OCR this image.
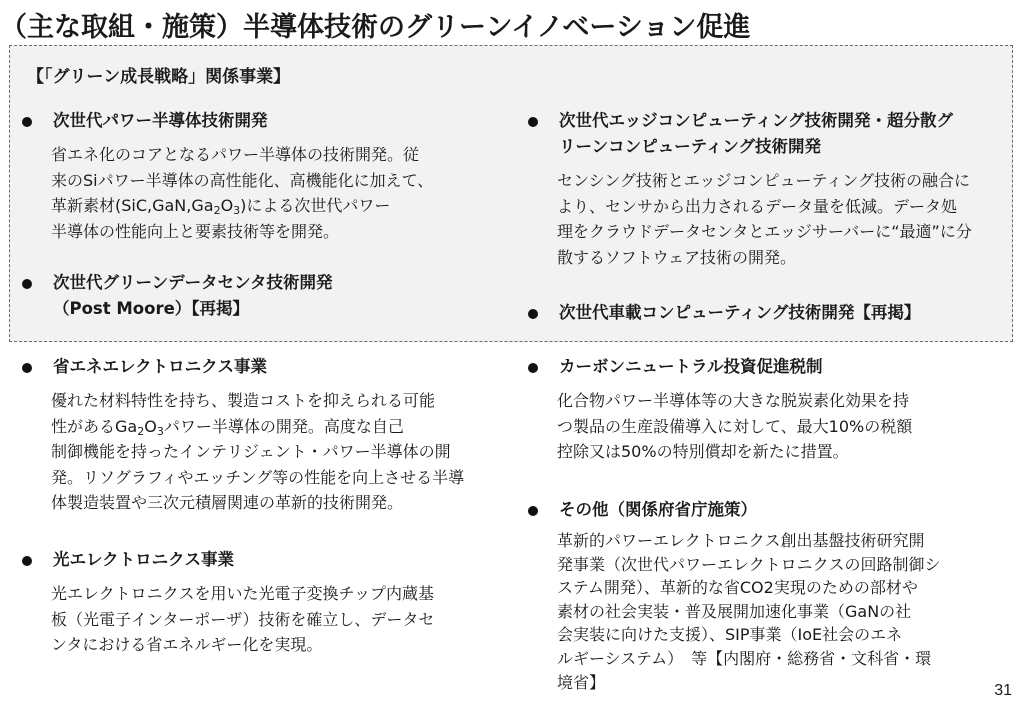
（主な取組・施策）半導体技術のグリーンイノベーション促進
【「グリーン成長戦略」関係事業】
次世代パワー半導体技術開発
省エネ化のコアとなるパワー半導体の技術開発。従
来のSiパワー半導体の高性能化、高機能化に加えて、
革新素材$(SiC,GaN,Ga_2O_3)$による次世代パワー
半導体の性能向上と要素技術等を開発。
次世代グリーンデータセンタ技術開発
（Post Moore）【再掲】
次世代エッジコンピューティング技術開発・超分散グ
リーンコンピューティング技術開発
センシング技術とエッジコンピューティング技術の融合に
より、センサから出力されるデータ量を低減。データ処
理をクラウドデータセンタとエッジサーバーに“最適”に分
散するソフトウェア技術の開発。
次世代車載コンピューティング技術開発【再掲】
省エネエレクトロニクス事業
優れた材料特性を持ち、製造コストを抑えられる可能
性がある$Ga_2O_3$パワー半導体の開発。高度な自己
制御機能を持ったインテリジェント・パワー半導体の開
発。リソグラフィやエッチング等の性能を向上させる半導
体製造装置や三次元積層関連の革新的技術開発。
光エレクトロニクス事業
光エレクトロニクスを用いた光電子変換チップ内蔵基
板（光電子インターポーザ）技術を確立し、データセ
ンタにおける省エネルギー化を実現。
カーボンニュートラル投資促進税制
化合物パワー半導体等の大きな脱炭素化効果を持
つ製品の生産設備導入に対して、最大10%の税額
控除又は50%の特別償却を新たに措置。
その他（関係府省庁施策）
革新的パワーエレクトロニクス創出基盤技術研究開
発事業（次世代パワーエレクトロニクスの回路制御シ
ステム開発）、革新的な省CO2実現のための部材や
素材の社会実装・普及展開加速化事業（GaNの社
会実装に向けた支援）、SIP事業（IoE社会のエネ
ルギーシステム）　等【内閣府・総務省・文科省・環
境省】	31
